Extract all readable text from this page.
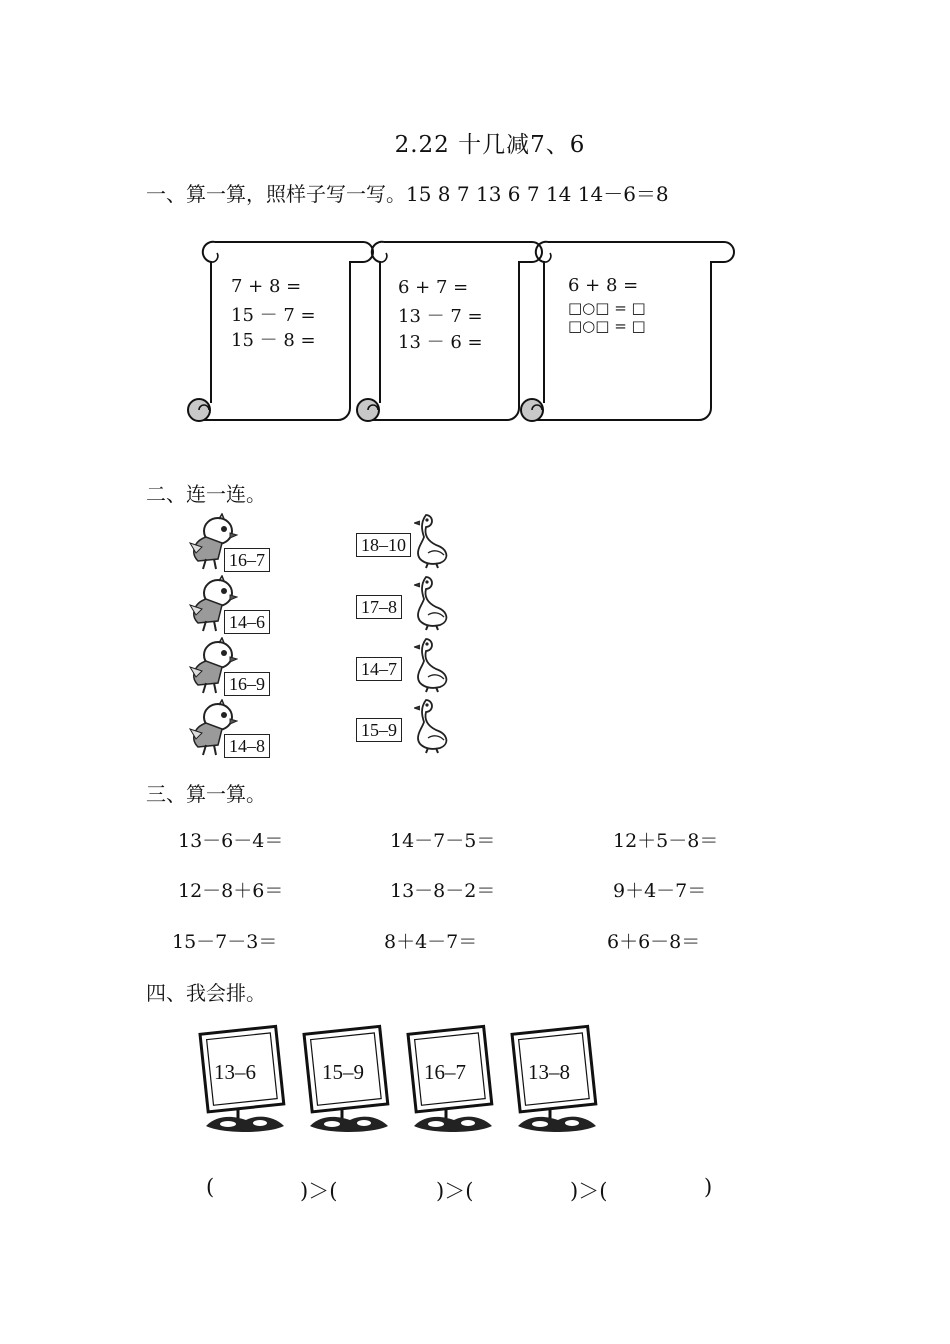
2.22 十几减7、6
一、算一算，照样子写一写。15 8 7 13 6 7 14 14－6＝8
7 + 8 =
15 － 7 =
15 － 8 =
6 + 7 =
13 － 7 =
13 － 6 =
6 + 8 =
□○□ = □
□○□ = □
二、连一连。
16–7
14–6
16–9
14–8
18–10
17–8
14–7
15–9
三、算一算。
13－6－4＝	14－7－5＝	12＋5－8＝
12－8＋6＝	13－8－2＝	9＋4－7＝
15－7－3＝	8＋4－7＝	6＋6－8＝
四、我会排。
13–6	15–9	16–7	13–8
(	)＞(	)＞(	)＞(	)
